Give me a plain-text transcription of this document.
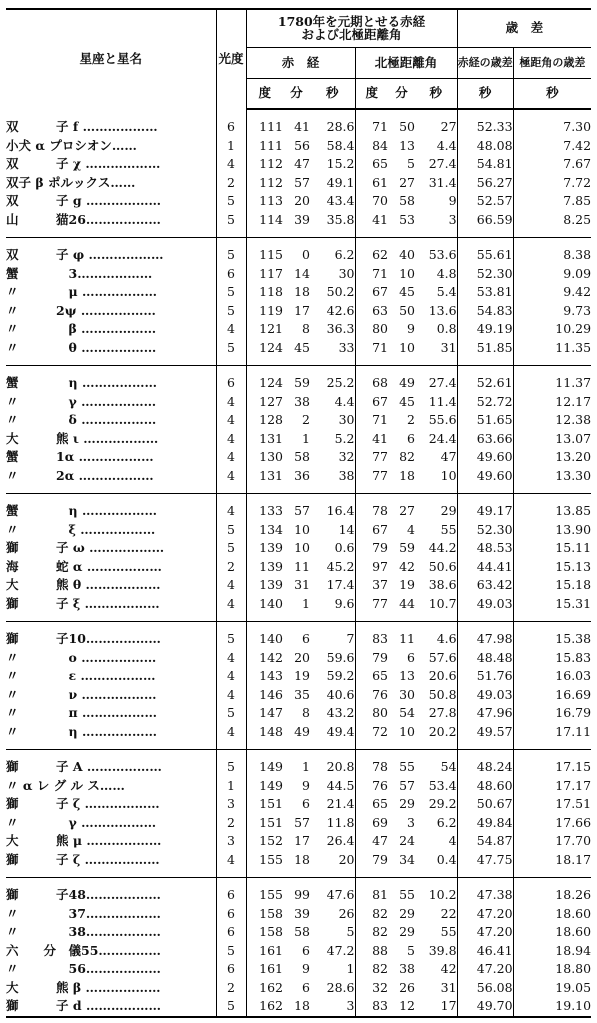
星座と星名	光度	1780年を元期とせる赤経
および北極距離角						歳　差	
		赤　経			北極距離角			赤経の歳差	極距角の歳差
		度	分	秒	度	分	秒	秒	秒

双　　　子 f ………………	6	111	41	28.6	71	50	27	52.33	7.30
小犬 α プロシオン……	1	111	56	58.4	84	13	4.4	48.08	7.42
双　　　子 χ ………………	4	112	47	15.2	65	5	27.4	54.81	7.67
双子 β ポルックス……	2	112	57	49.1	61	27	31.4	56.27	7.72
双　　　子 g ………………	5	113	20	43.4	70	58	9	52.57	7.85
山　　　猫26………………	5	114	39	35.8	41	53	3	66.59	8.25

双　　　子 φ ………………	5	115	0	6.2	62	40	53.6	55.61	8.38
蟹　　　　3………………	6	117	14	30	71	10	4.8	52.30	9.09
〃　　　　μ ………………	5	118	18	50.2	67	45	5.4	53.81	9.42
〃　　　2ψ ………………	5	119	17	42.6	63	50	13.6	54.83	9.73
〃　　　　β ………………	4	121	8	36.3	80	9	0.8	49.19	10.29
〃　　　　θ ………………	5	124	45	33	71	10	31	51.85	11.35

蟹　　　　η ………………	6	124	59	25.2	68	49	27.4	52.61	11.37
〃　　　　γ ………………	4	127	38	4.4	67	45	11.4	52.72	12.17
〃　　　　δ ………………	4	128	2	30	71	2	55.6	51.65	12.38
大　　　熊 ι ………………	4	131	1	5.2	41	6	24.4	63.66	13.07
蟹　　　1α ………………	4	130	58	32	77	82	47	49.60	13.20
〃　　　2α ………………	4	131	36	38	77	18	10	49.60	13.30

蟹　　　　η ………………	4	133	57	16.4	78	27	29	49.17	13.85
〃　　　　ξ ………………	5	134	10	14	67	4	55	52.30	13.90
獅　　　子 ω ………………	5	139	10	0.6	79	59	44.2	48.53	15.11
海　　　蛇 α ………………	2	139	11	45.2	97	42	50.6	44.41	15.13
大　　　熊 θ ………………	4	139	31	17.4	37	19	38.6	63.42	15.18
獅　　　子 ξ ………………	4	140	1	9.6	77	44	10.7	49.03	15.31

獅　　　子10………………	5	140	6	7	83	11	4.6	47.98	15.38
〃　　　　ο ………………	4	142	20	59.6	79	6	57.6	48.48	15.83
〃　　　　ε ………………	4	143	19	59.2	65	13	20.6	51.76	16.03
〃　　　　ν ………………	4	146	35	40.6	76	30	50.8	49.03	16.69
〃　　　　π ………………	5	147	8	43.2	80	54	27.8	47.96	16.79
〃　　　　η ………………	4	148	49	49.4	72	10	20.2	49.57	17.11

獅　　　子 A ………………	5	149	1	20.8	78	55	54	48.24	17.15
〃 α レ グ ル ス……	1	149	9	44.5	76	57	53.4	48.60	17.17
獅　　　子 ζ ………………	3	151	6	21.4	65	29	29.2	50.67	17.51
〃　　　　γ ………………	2	151	57	11.8	69	3	6.2	49.84	17.66
大　　　熊 μ ………………	3	152	17	26.4	47	24	4	54.87	17.70
獅　　　子 ζ ………………	4	155	18	20	79	34	0.4	47.75	18.17

獅　　　子48………………	6	155	99	47.6	81	55	10.2	47.38	18.26
〃　　　　37………………	6	158	39	26	82	29	22	47.20	18.60
〃　　　　38………………	6	158	58	5	82	29	55	47.20	18.60
六　　分　儀55……………	5	161	6	47.2	88	5	39.8	46.41	18.94
〃　　　　56………………	6	161	9	1	82	38	42	47.20	18.80
大　　　熊 β ………………	2	162	6	28.6	32	26	31	56.08	19.05
獅　　　子 d ………………	5	162	18	3	83	12	17	49.70	19.10
